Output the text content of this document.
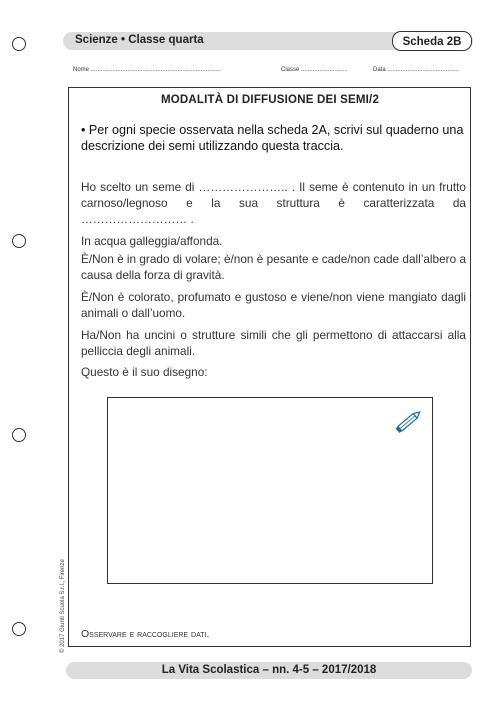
Scienze • Classe quarta	Scheda 2B
Nome ..............................................................................	Classe ............................	Data ...........................................
MODALITÀ DI DIFFUSIONE DEI SEMI/2
• Per ogni specie osservata nella scheda 2A, scrivi sul quaderno una descrizione dei semi utilizzando questa traccia.
Ho scelto un seme di ………………….. . Il seme è contenuto in un frutto carnoso/legnoso e la sua struttura è caratterizzata da ……………………… .
In acqua galleggia/affonda.
È/Non è in grado di volare; è/non è pesante e cade/non cade dall’albero a causa della forza di gravità.
È/Non è colorato, profumato e gustoso e viene/non viene mangiato dagli animali o dall’uomo.
Ha/Non ha uncini o strutture simili che gli permettono di attaccarsi alla pelliccia degli animali.
Questo è il suo disegno:
Osservare e raccogliere dati.
© 2017 Giunti Scuola S.r.l., Firenze
La Vita Scolastica – nn. 4-5 – 2017/2018
